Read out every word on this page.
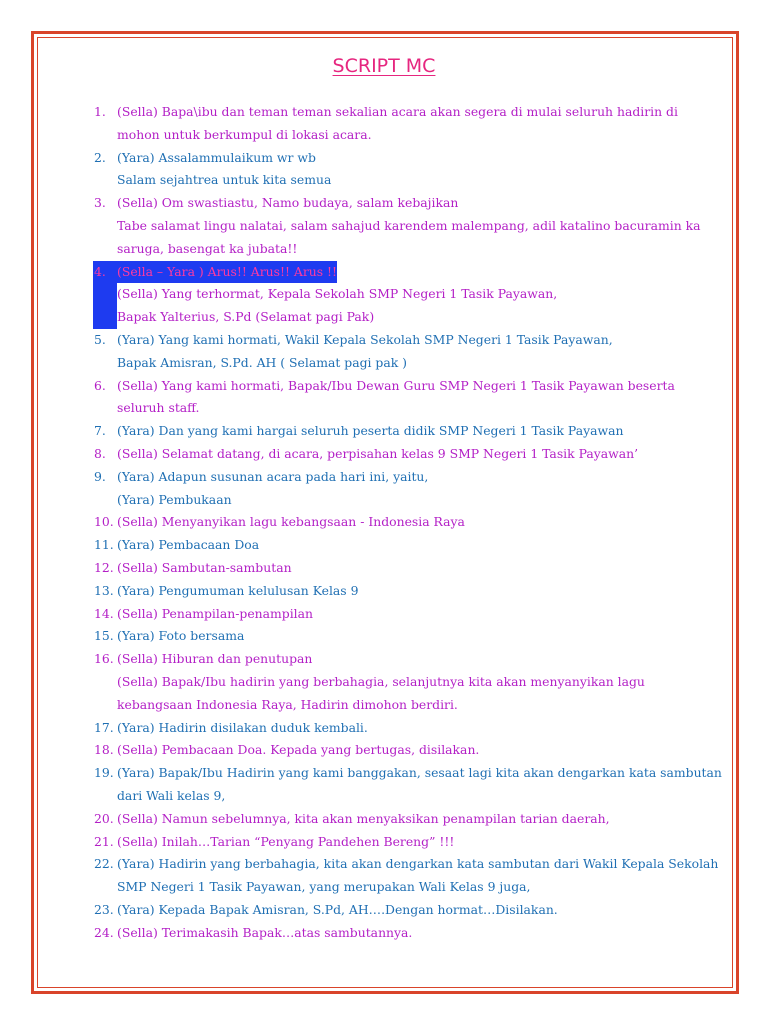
SCRIPT MC
1. (Sella) Bapa\ibu dan teman teman sekalian acara akan segera di mulai seluruh hadirin di
mohon untuk berkumpul di lokasi acara.
2. (Yara) Assalammulaikum wr wb
Salam sejahtrea untuk kita semua
3. (Sella) Om swastiastu, Namo budaya, salam kebajikan
Tabe salamat lingu nalatai, salam sahajud karendem malempang, adil katalino bacuramin ka
saruga, basengat ka jubata!!
4. (Sella – Yara ) Arus!! Arus!! Arus !!
(Sella) Yang terhormat, Kepala Sekolah SMP Negeri 1 Tasik Payawan,
Bapak Yalterius, S.Pd (Selamat pagi Pak)
5. (Yara) Yang kami hormati, Wakil Kepala Sekolah SMP Negeri 1 Tasik Payawan,
Bapak Amisran, S.Pd. AH ( Selamat pagi pak )
6. (Sella) Yang kami hormati, Bapak/Ibu Dewan Guru SMP Negeri 1 Tasik Payawan beserta
seluruh staff.
7. (Yara) Dan yang kami hargai seluruh peserta didik SMP Negeri 1 Tasik Payawan
8. (Sella) Selamat datang, di acara, perpisahan kelas 9 SMP Negeri 1 Tasik Payawan’
9. (Yara) Adapun susunan acara pada hari ini, yaitu,
(Yara) Pembukaan
10. (Sella) Menyanyikan lagu kebangsaan - Indonesia Raya
11. (Yara) Pembacaan Doa
12. (Sella) Sambutan-sambutan
13. (Yara) Pengumuman kelulusan Kelas 9
14. (Sella) Penampilan-penampilan
15. (Yara) Foto bersama
16. (Sella) Hiburan dan penutupan
(Sella) Bapak/Ibu hadirin yang berbahagia, selanjutnya kita akan menyanyikan lagu
kebangsaan Indonesia Raya, Hadirin dimohon berdiri.
17. (Yara) Hadirin disilakan duduk kembali.
18. (Sella) Pembacaan Doa. Kepada yang bertugas, disilakan.
19. (Yara) Bapak/Ibu Hadirin yang kami banggakan, sesaat lagi kita akan dengarkan kata sambutan
dari Wali kelas 9,
20. (Sella) Namun sebelumnya, kita akan menyaksikan penampilan tarian daerah,
21. (Sella) Inilah…Tarian “Penyang Pandehen Bereng” !!!
22. (Yara) Hadirin yang berbahagia, kita akan dengarkan kata sambutan dari Wakil Kepala Sekolah
SMP Negeri 1 Tasik Payawan, yang merupakan Wali Kelas 9 juga,
23. (Yara) Kepada Bapak Amisran, S.Pd, AH….Dengan hormat…Disilakan.
24. (Sella) Terimakasih Bapak…atas sambutannya.
